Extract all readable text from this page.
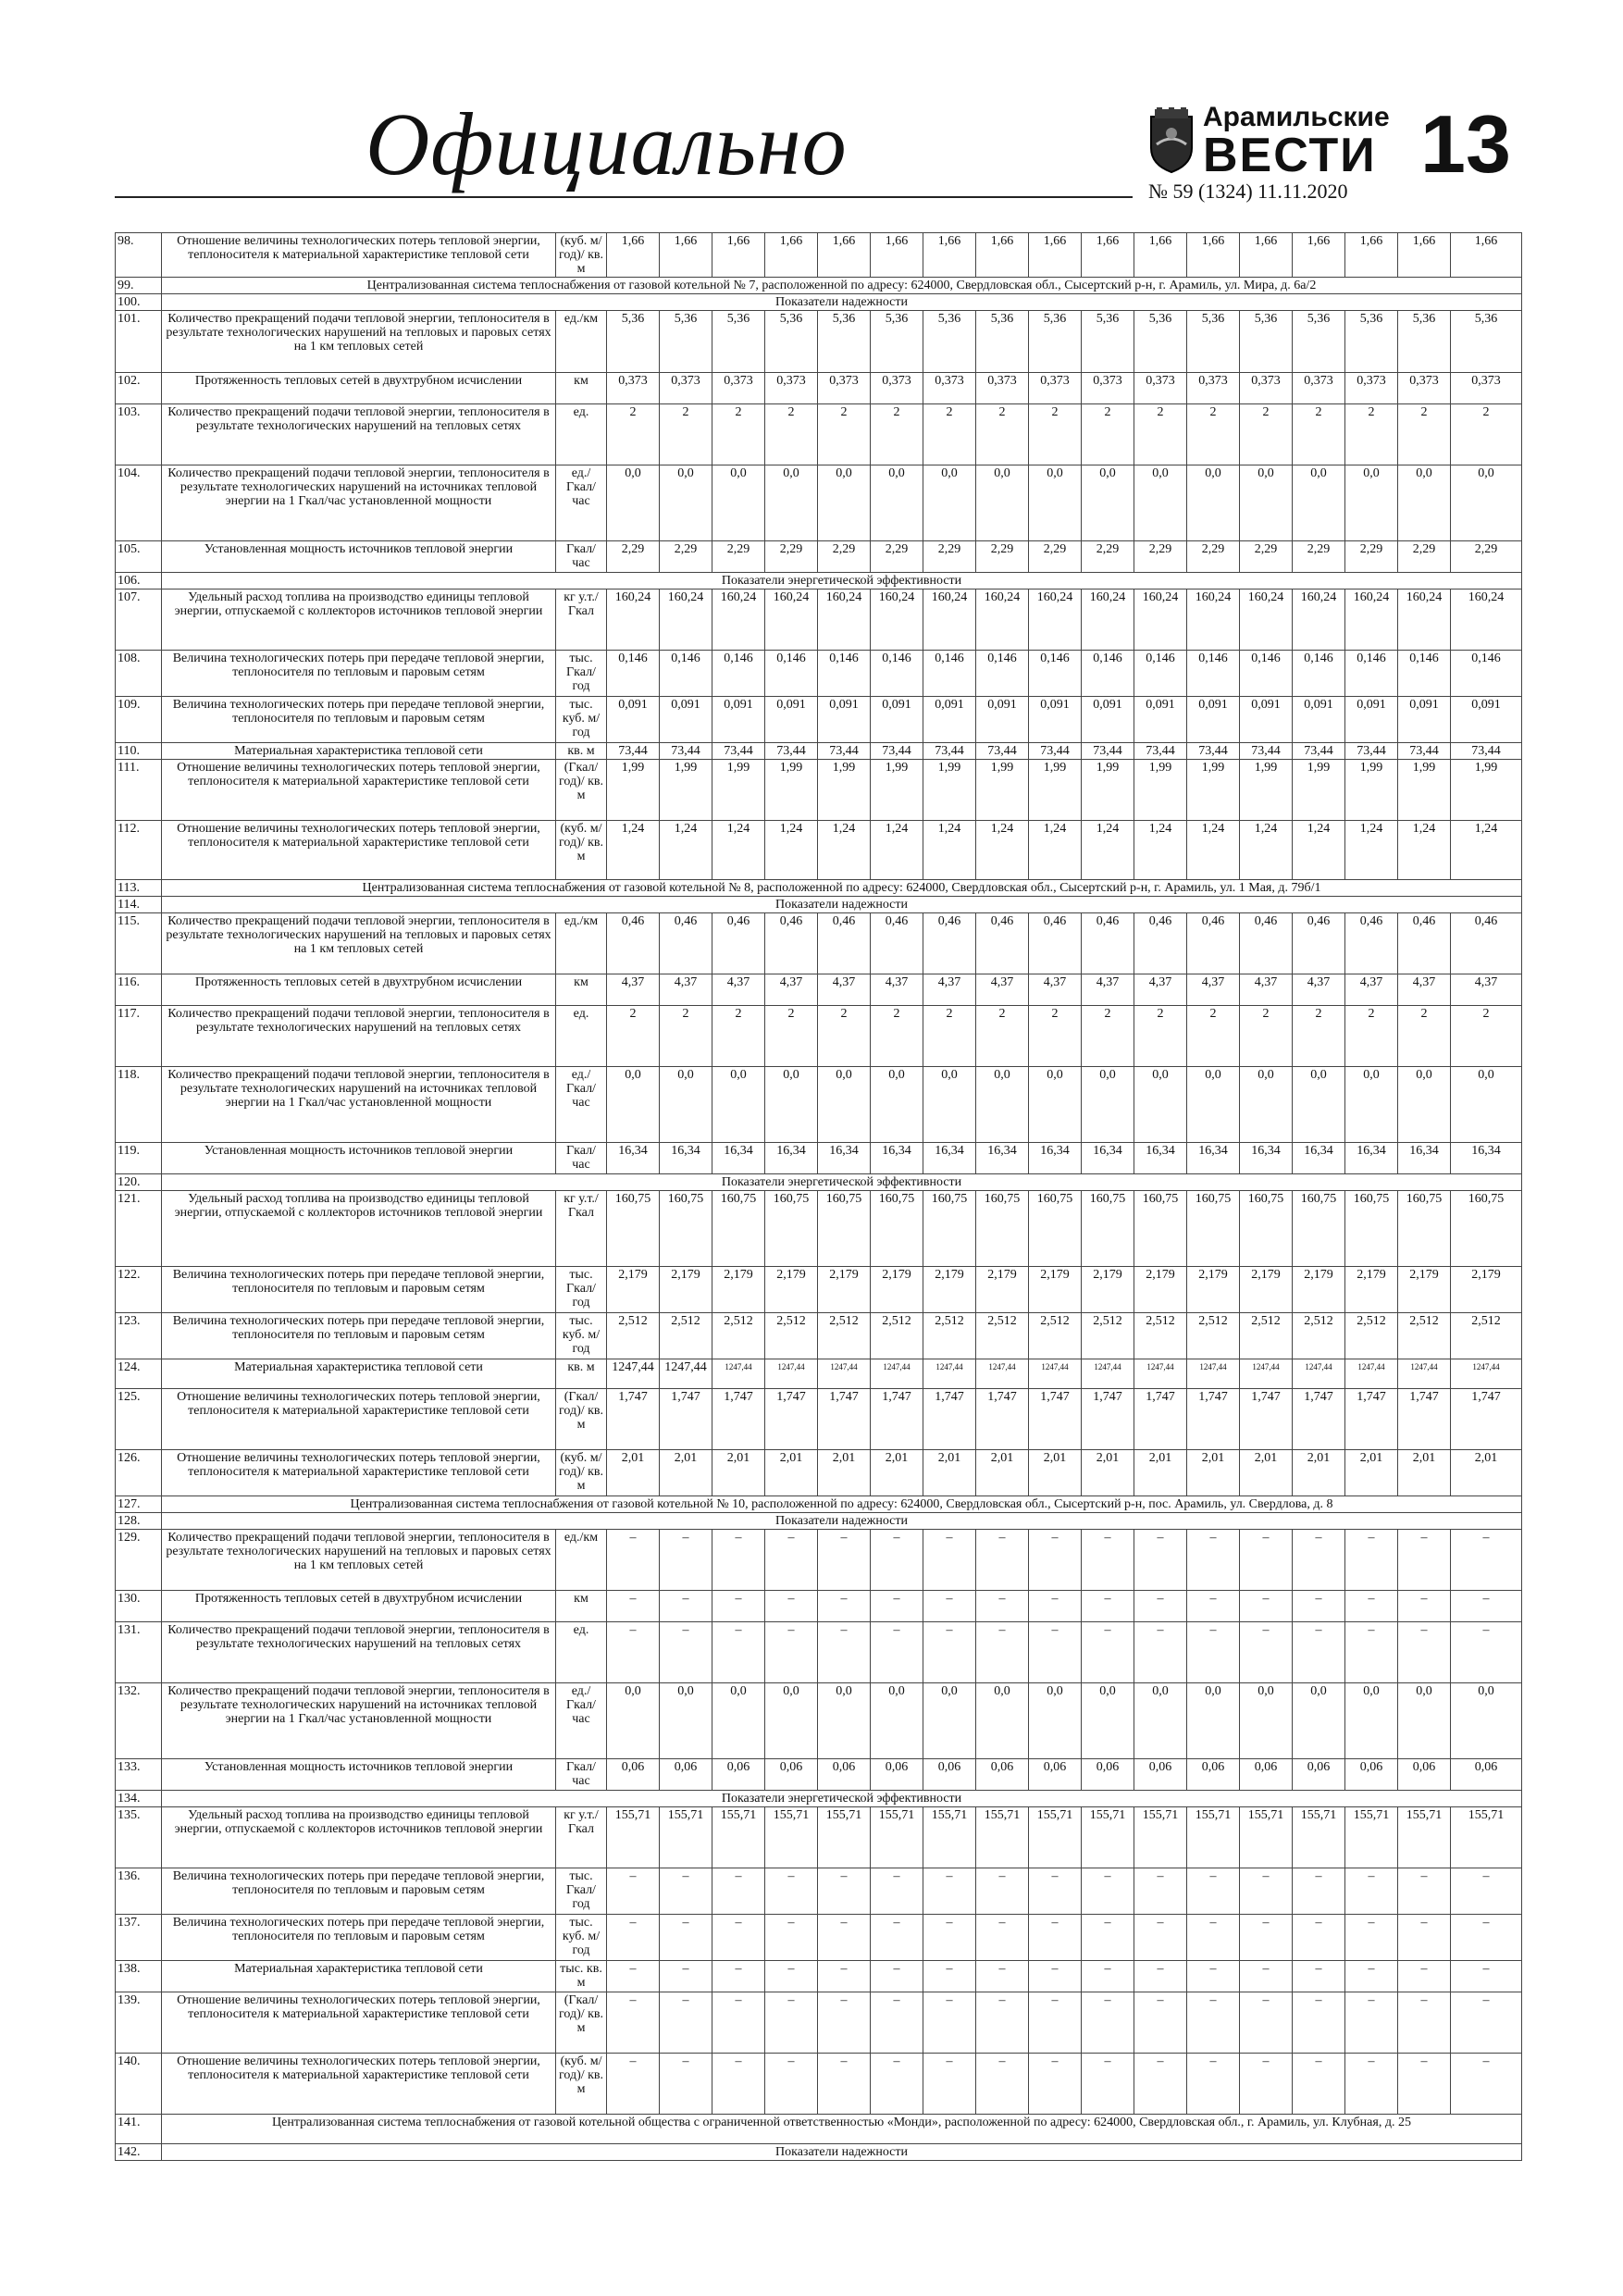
Официально	Арамильские
ВЕСТИ
№ 59 (1324) 11.11.2020
13
98.	Отношение величины технологических потерь тепловой энергии, теплоносителя к материальной характеристике тепловой сети	(куб. м/ год)/ кв. м	1,66	1,66	1,66	1,66	1,66	1,66	1,66	1,66	1,66	1,66	1,66	1,66	1,66	1,66	1,66	1,66	1,66
99.	Централизованная система теплоснабжения от газовой котельной № 7, расположенной по адресу: 624000, Свердловская обл., Сысертский р-н, г. Арамиль, ул. Мира, д. 6а/2																		
100.	Показатели надежности																		
101.	Количество прекращений подачи тепловой энергии, теплоносителя в результате технологических нарушений на тепловых и паровых сетях на 1 км тепловых сетей	ед./км	5,36	5,36	5,36	5,36	5,36	5,36	5,36	5,36	5,36	5,36	5,36	5,36	5,36	5,36	5,36	5,36	5,36
102.	Протяженность тепловых сетей в двухтрубном исчислении	км	0,373	0,373	0,373	0,373	0,373	0,373	0,373	0,373	0,373	0,373	0,373	0,373	0,373	0,373	0,373	0,373	0,373
103.	Количество прекращений подачи тепловой энергии, теплоносителя в результате технологических нарушений на тепловых сетях	ед.	2	2	2	2	2	2	2	2	2	2	2	2	2	2	2	2	2
104.	Количество прекращений подачи тепловой энергии, теплоносителя в результате технологических нарушений на источниках тепловой энергии на 1 Гкал/час установленной мощности	ед./ Гкал/ час	0,0	0,0	0,0	0,0	0,0	0,0	0,0	0,0	0,0	0,0	0,0	0,0	0,0	0,0	0,0	0,0	0,0
105.	Установленная мощность источников тепловой энергии	Гкал/ час	2,29	2,29	2,29	2,29	2,29	2,29	2,29	2,29	2,29	2,29	2,29	2,29	2,29	2,29	2,29	2,29	2,29
106.	Показатели энергетической эффективности																		
107.	Удельный расход топлива на производство единицы тепловой энергии, отпускаемой с коллекторов источников тепловой энергии	кг у.т./ Гкал	160,24	160,24	160,24	160,24	160,24	160,24	160,24	160,24	160,24	160,24	160,24	160,24	160,24	160,24	160,24	160,24	160,24
108.	Величина технологических потерь при передаче тепловой энергии, теплоносителя по тепловым и паровым сетям	тыс. Гкал/ год	0,146	0,146	0,146	0,146	0,146	0,146	0,146	0,146	0,146	0,146	0,146	0,146	0,146	0,146	0,146	0,146	0,146
109.	Величина технологических потерь при передаче тепловой энергии, теплоносителя по тепловым и паровым сетям	тыс. куб. м/ год	0,091	0,091	0,091	0,091	0,091	0,091	0,091	0,091	0,091	0,091	0,091	0,091	0,091	0,091	0,091	0,091	0,091
110.	Материальная характеристика тепловой сети	кв. м	73,44	73,44	73,44	73,44	73,44	73,44	73,44	73,44	73,44	73,44	73,44	73,44	73,44	73,44	73,44	73,44	73,44
111.	Отношение величины технологических потерь тепловой энергии, теплоносителя к материальной характеристике тепловой сети	(Гкал/ год)/ кв. м	1,99	1,99	1,99	1,99	1,99	1,99	1,99	1,99	1,99	1,99	1,99	1,99	1,99	1,99	1,99	1,99	1,99
112.	Отношение величины технологических потерь тепловой энергии, теплоносителя к материальной характеристике тепловой сети	(куб. м/ год)/ кв. м	1,24	1,24	1,24	1,24	1,24	1,24	1,24	1,24	1,24	1,24	1,24	1,24	1,24	1,24	1,24	1,24	1,24
113.	Централизованная система теплоснабжения от газовой котельной № 8, расположенной по адресу: 624000, Свердловская обл., Сысертский р-н, г. Арамиль, ул. 1 Мая, д. 79б/1																		
114.	Показатели надежности																		
115.	Количество прекращений подачи тепловой энергии, теплоносителя в результате технологических нарушений на тепловых и паровых сетях на 1 км тепловых сетей	ед./км	0,46	0,46	0,46	0,46	0,46	0,46	0,46	0,46	0,46	0,46	0,46	0,46	0,46	0,46	0,46	0,46	0,46
116.	Протяженность тепловых сетей в двухтрубном исчислении	км	4,37	4,37	4,37	4,37	4,37	4,37	4,37	4,37	4,37	4,37	4,37	4,37	4,37	4,37	4,37	4,37	4,37
117.	Количество прекращений подачи тепловой энергии, теплоносителя в результате технологических нарушений на тепловых сетях	ед.	2	2	2	2	2	2	2	2	2	2	2	2	2	2	2	2	2
118.	Количество прекращений подачи тепловой энергии, теплоносителя в результате технологических нарушений на источниках тепловой энергии на 1 Гкал/час установленной мощности	ед./ Гкал/ час	0,0	0,0	0,0	0,0	0,0	0,0	0,0	0,0	0,0	0,0	0,0	0,0	0,0	0,0	0,0	0,0	0,0
119.	Установленная мощность источников тепловой энергии	Гкал/ час	16,34	16,34	16,34	16,34	16,34	16,34	16,34	16,34	16,34	16,34	16,34	16,34	16,34	16,34	16,34	16,34	16,34
120.	Показатели энергетической эффективности																		
121.	Удельный расход топлива на производство единицы тепловой энергии, отпускаемой с коллекторов источников тепловой энергии	кг у.т./ Гкал	160,75	160,75	160,75	160,75	160,75	160,75	160,75	160,75	160,75	160,75	160,75	160,75	160,75	160,75	160,75	160,75	160,75
122.	Величина технологических потерь при передаче тепловой энергии, теплоносителя по тепловым и паровым сетям	тыс. Гкал/ год	2,179	2,179	2,179	2,179	2,179	2,179	2,179	2,179	2,179	2,179	2,179	2,179	2,179	2,179	2,179	2,179	2,179
123.	Величина технологических потерь при передаче тепловой энергии, теплоносителя по тепловым и паровым сетям	тыс. куб. м/ год	2,512	2,512	2,512	2,512	2,512	2,512	2,512	2,512	2,512	2,512	2,512	2,512	2,512	2,512	2,512	2,512	2,512
124.	Материальная характеристика тепловой сети	кв. м	1247,44	1247,44	1247,44	1247,44	1247,44	1247,44	1247,44	1247,44	1247,44	1247,44	1247,44	1247,44	1247,44	1247,44	1247,44	1247,44	1247,44
125.	Отношение величины технологических потерь тепловой энергии, теплоносителя к материальной характеристике тепловой сети	(Гкал/ год)/ кв. м	1,747	1,747	1,747	1,747	1,747	1,747	1,747	1,747	1,747	1,747	1,747	1,747	1,747	1,747	1,747	1,747	1,747
126.	Отношение величины технологических потерь тепловой энергии, теплоносителя к материальной характеристике тепловой сети	(куб. м/ год)/ кв. м	2,01	2,01	2,01	2,01	2,01	2,01	2,01	2,01	2,01	2,01	2,01	2,01	2,01	2,01	2,01	2,01	2,01
127.	Централизованная система теплоснабжения от газовой котельной № 10, расположенной по адресу: 624000, Свердловская обл., Сысертский р-н, пос. Арамиль, ул. Свердлова, д. 8																		
128.	Показатели надежности																		
129.	Количество прекращений подачи тепловой энергии, теплоносителя в результате технологических нарушений на тепловых и паровых сетях на 1 км тепловых сетей	ед./км	–	–	–	–	–	–	–	–	–	–	–	–	–	–	–	–	–
130.	Протяженность тепловых сетей в двухтрубном исчислении	км	–	–	–	–	–	–	–	–	–	–	–	–	–	–	–	–	–
131.	Количество прекращений подачи тепловой энергии, теплоносителя в результате технологических нарушений на тепловых сетях	ед.	–	–	–	–	–	–	–	–	–	–	–	–	–	–	–	–	–
132.	Количество прекращений подачи тепловой энергии, теплоносителя в результате технологических нарушений на источниках тепловой энергии на 1 Гкал/час установленной мощности	ед./ Гкал/ час	0,0	0,0	0,0	0,0	0,0	0,0	0,0	0,0	0,0	0,0	0,0	0,0	0,0	0,0	0,0	0,0	0,0
133.	Установленная мощность источников тепловой энергии	Гкал/ час	0,06	0,06	0,06	0,06	0,06	0,06	0,06	0,06	0,06	0,06	0,06	0,06	0,06	0,06	0,06	0,06	0,06
134.	Показатели энергетической эффективности																		
135.	Удельный расход топлива на производство единицы тепловой энергии, отпускаемой с коллекторов источников тепловой энергии	кг у.т./ Гкал	155,71	155,71	155,71	155,71	155,71	155,71	155,71	155,71	155,71	155,71	155,71	155,71	155,71	155,71	155,71	155,71	155,71
136.	Величина технологических потерь при передаче тепловой энергии, теплоносителя по тепловым и паровым сетям	тыс. Гкал/ год	–	–	–	–	–	–	–	–	–	–	–	–	–	–	–	–	–
137.	Величина технологических потерь при передаче тепловой энергии, теплоносителя по тепловым и паровым сетям	тыс. куб. м/ год	–	–	–	–	–	–	–	–	–	–	–	–	–	–	–	–	–
138.	Материальная характеристика тепловой сети	тыс. кв. м	–	–	–	–	–	–	–	–	–	–	–	–	–	–	–	–	–
139.	Отношение величины технологических потерь тепловой энергии, теплоносителя к материальной характеристике тепловой сети	(Гкал/ год)/ кв. м	–	–	–	–	–	–	–	–	–	–	–	–	–	–	–	–	–
140.	Отношение величины технологических потерь тепловой энергии, теплоносителя к материальной характеристике тепловой сети	(куб. м/ год)/ кв. м	–	–	–	–	–	–	–	–	–	–	–	–	–	–	–	–	–
141.	Централизованная система теплоснабжения от газовой котельной общества с ограниченной ответственностью «Монди», расположенной по адресу: 624000, Свердловская обл., г. Арамиль, ул. Клубная, д. 25																		
142.	Показатели надежности																		
